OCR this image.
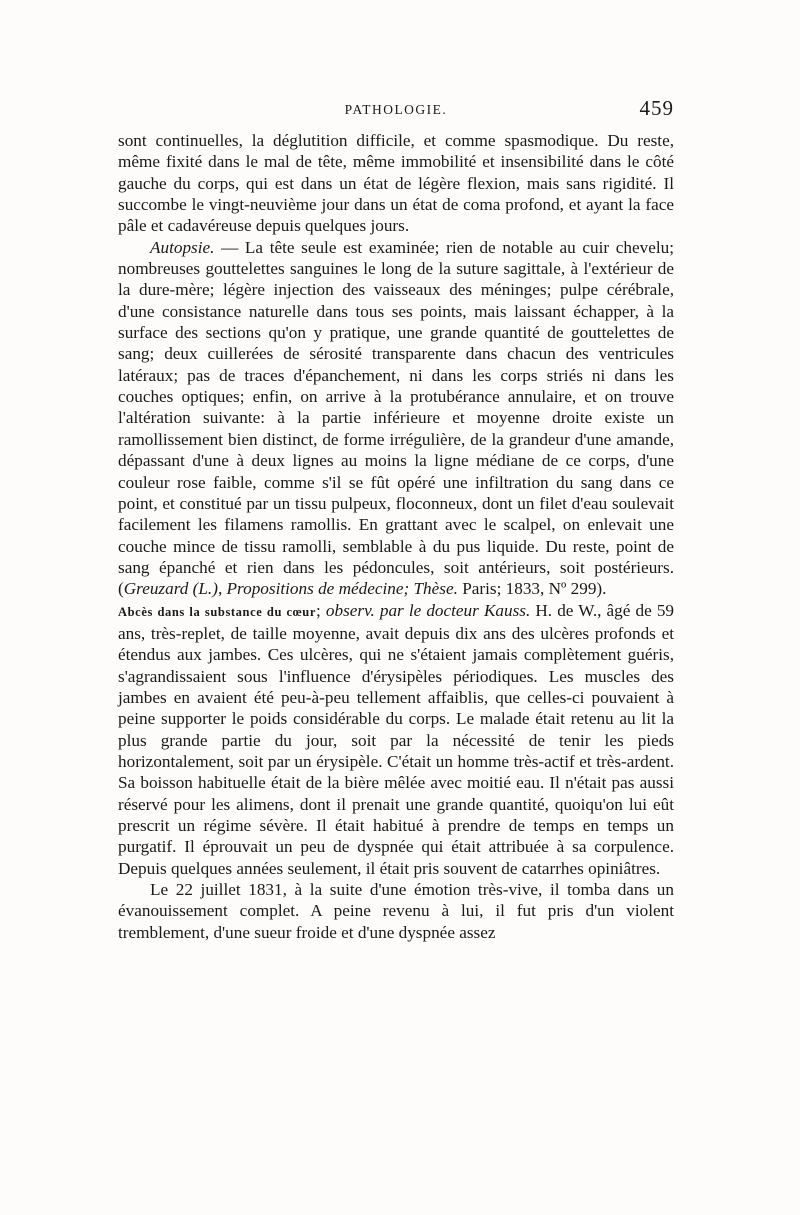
PATHOLOGIE.	459

sont continuelles, la déglutition difficile, et comme spasmodique. Du reste, même fixité dans le mal de tête, même immobilité et insensibilité dans le côté gauche du corps, qui est dans un état de légère flexion, mais sans rigidité. Il succombe le vingt-neuvième jour dans un état de coma profond, et ayant la face pâle et cadavéreuse depuis quelques jours.

Autopsie. — La tête seule est examinée; rien de notable au cuir chevelu; nombreuses gouttelettes sanguines le long de la suture sagittale, à l'extérieur de la dure-mère; légère injection des vaisseaux des méninges; pulpe cérébrale, d'une consistance naturelle dans tous ses points, mais laissant échapper, à la surface des sections qu'on y pratique, une grande quantité de gouttelettes de sang; deux cuillerées de sérosité transparente dans chacun des ventricules latéraux; pas de traces d'épanchement, ni dans les corps striés ni dans les couches optiques; enfin, on arrive à la protubérance annulaire, et on trouve l'altération suivante: à la partie inférieure et moyenne droite existe un ramollissement bien distinct, de forme irrégulière, de la grandeur d'une amande, dépassant d'une à deux lignes au moins la ligne médiane de ce corps, d'une couleur rose faible, comme s'il se fût opéré une infiltration du sang dans ce point, et constitué par un tissu pulpeux, floconneux, dont un filet d'eau soulevait facilement les filamens ramollis. En grattant avec le scalpel, on enlevait une couche mince de tissu ramolli, semblable à du pus liquide. Du reste, point de sang épanché et rien dans les pédoncules, soit antérieurs, soit postérieurs. (Greuzard (L.), Propositions de médecine; Thèse. Paris; 1833, Nº 299).

Abcès dans la substance du cœur; observ. par le docteur Kauss. H. de W., âgé de 59 ans, très-replet, de taille moyenne, avait depuis dix ans des ulcères profonds et étendus aux jambes. Ces ulcères, qui ne s'étaient jamais complètement guéris, s'agrandissaient sous l'influence d'érysipèles périodiques. Les muscles des jambes en avaient été peu-à-peu tellement affaiblis, que celles-ci pouvaient à peine supporter le poids considérable du corps. Le malade était retenu au lit la plus grande partie du jour, soit par la nécessité de tenir les pieds horizontalement, soit par un érysipèle. C'était un homme très-actif et très-ardent. Sa boisson habituelle était de la bière mêlée avec moitié eau. Il n'était pas aussi réservé pour les alimens, dont il prenait une grande quantité, quoiqu'on lui eût prescrit un régime sévère. Il était habitué à prendre de temps en temps un purgatif. Il éprouvait un peu de dyspnée qui était attribuée à sa corpulence. Depuis quelques années seulement, il était pris souvent de catarrhes opiniâtres.

Le 22 juillet 1831, à la suite d'une émotion très-vive, il tomba dans un évanouissement complet. A peine revenu à lui, il fut pris d'un violent tremblement, d'une sueur froide et d'une dyspnée assez
